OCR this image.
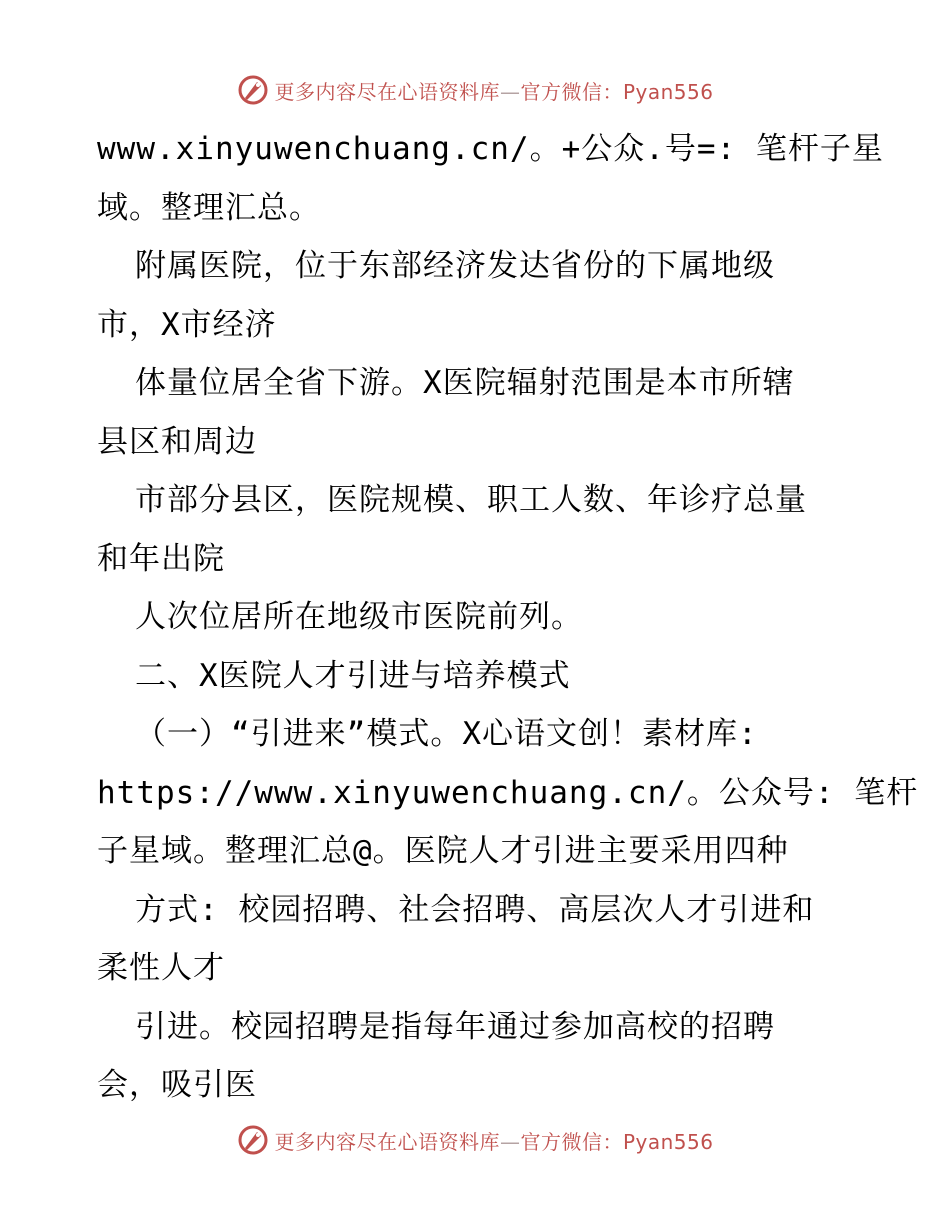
更多内容尽在心语资料库—官方微信：Pyan556
www.xinyuwenchuang.cn/。+公众.号=: 笔杆子星
域。整理汇总。
附属医院，位于东部经济发达省份的下属地级
市，X市经济
体量位居全省下游。X医院辐射范围是本市所辖
县区和周边
市部分县区，医院规模、职工人数、年诊疗总量
和年出院
人次位居所在地级市医院前列。
二、X医院人才引进与培养模式
（一）“引进来”模式。X心语文创！素材库:
https://www.xinyuwenchuang.cn/。公众号: 笔杆
子星域。整理汇总@。医院人才引进主要采用四种
方式: 校园招聘、社会招聘、高层次人才引进和
柔性人才
引进。校园招聘是指每年通过参加高校的招聘
会，吸引医
更多内容尽在心语资料库—官方微信：Pyan556
